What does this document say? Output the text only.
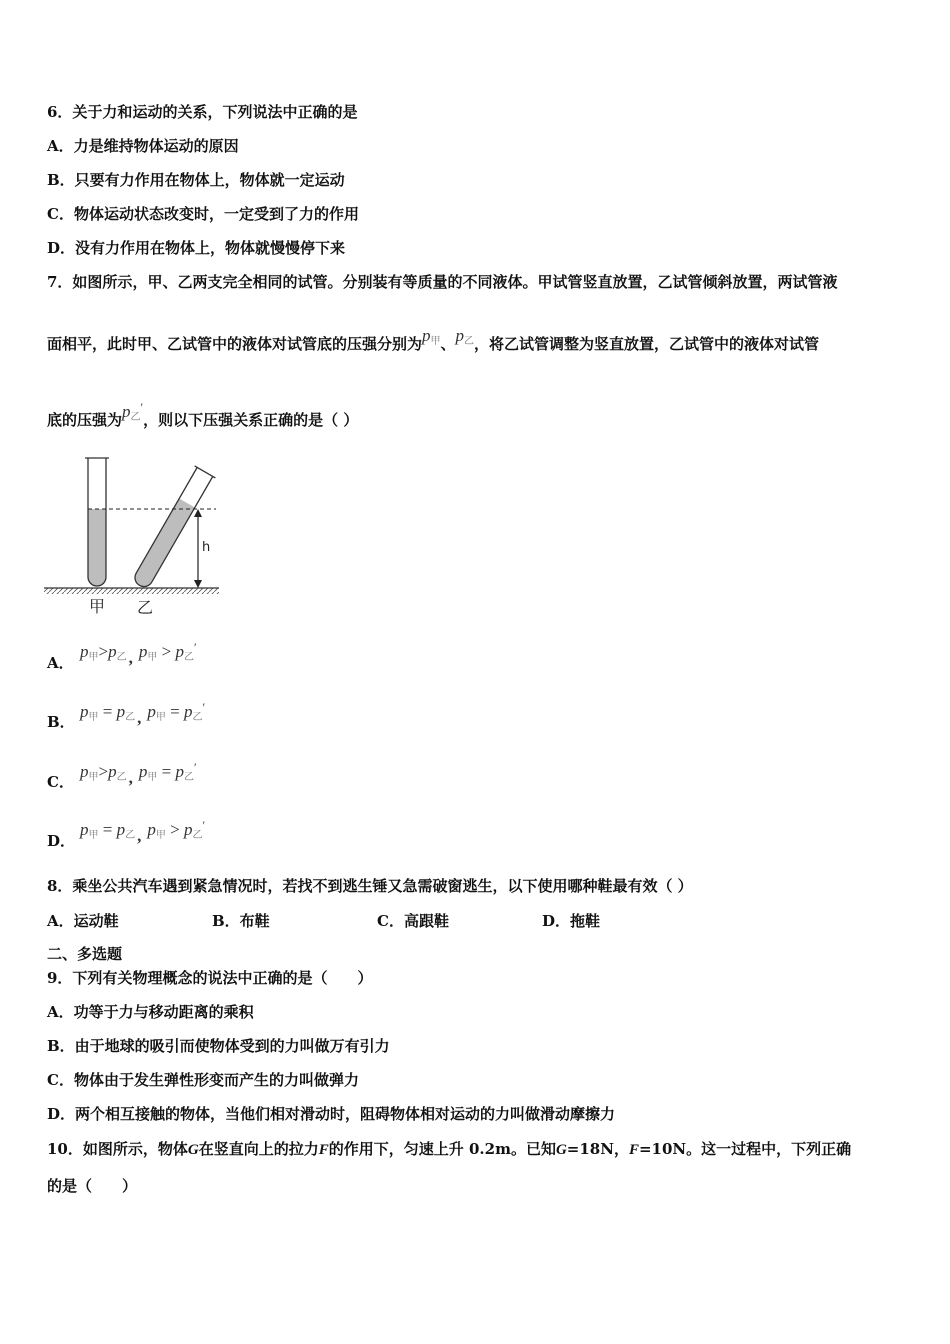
6．关于力和运动的关系，下列说法中正确的是
A．力是维持物体运动的原因
B．只要有力作用在物体上，物体就一定运动
C．物体运动状态改变时，一定受到了力的作用
D．没有力作用在物体上，物体就慢慢停下来
7．如图所示，甲、乙两支完全相同的试管。分别装有等质量的不同液体。甲试管竖直放置，乙试管倾斜放置，两试管液
面相平，此时甲、乙试管中的液体对试管底的压强分别为p甲、p乙，将乙试管调整为竖直放置，乙试管中的液体对试管
底的压强为p乙′，则以下压强关系正确的是（ ）
h
甲 乙
A．
p甲>p乙 , p甲 > p乙′
B．
p甲 = p乙 , p甲 = p乙′
C．
p甲>p乙 , p甲 = p乙′
D．
p甲 = p乙 , p甲 > p乙′
8．乘坐公共汽车遇到紧急情况时，若找不到逃生锤又急需破窗逃生，以下使用哪种鞋最有效（ ）
A．运动鞋	B．布鞋	C．高跟鞋	D．拖鞋
二、多选题
9．下列有关物理概念的说法中正确的是（　　）
A．功等于力与移动距离的乘积
B．由于地球的吸引而使物体受到的力叫做万有引力
C．物体由于发生弹性形变而产生的力叫做弹力
D．两个相互接触的物体，当他们相对滑动时，阻碍物体相对运动的力叫做滑动摩擦力
10．如图所示，物体G在竖直向上的拉力F的作用下，匀速上升 0.2m。已知G=18N，F=10N。这一过程中，下列正确
的是（　　）
